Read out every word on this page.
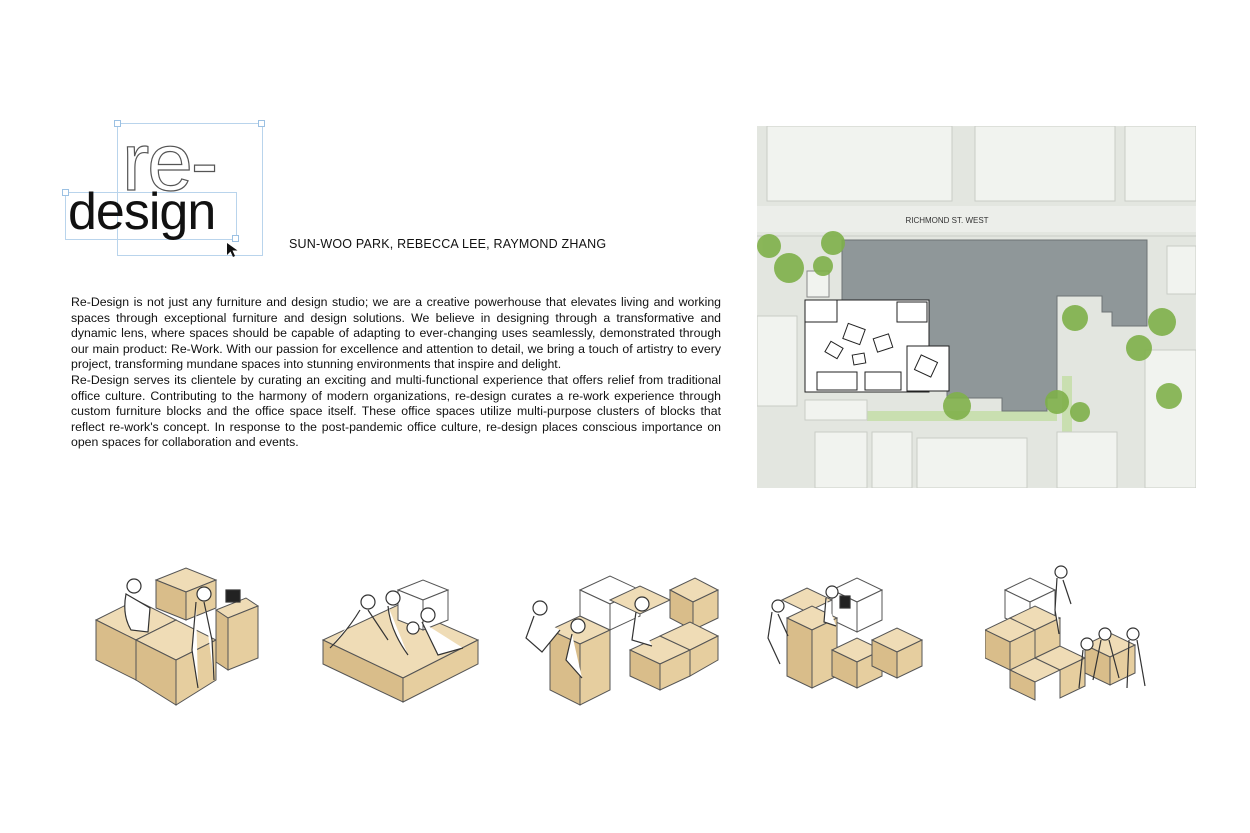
re-
design
SUN-WOO PARK, REBECCA LEE, RAYMOND ZHANG

Re-Design is not just any furniture and design studio; we are a creative powerhouse that elevates living and working spaces through exceptional furniture and design solutions. We believe in designing through a transformative and dynamic lens, where spaces should be capable of adapting to ever-changing uses seamlessly, demonstrated through our main product: Re-Work. With our passion for excellence and attention to detail, we bring a touch of artistry to every project, transforming mundane spaces into stunning environments that inspire and delight.

Re-Design serves its clientele by curating an exciting and multi-functional experience that offers relief from traditional office culture. Contributing to the harmony of modern organizations, re-design curates a re-work experience through custom furniture blocks and the office space itself. These office spaces utilize multi-purpose clusters of blocks that reflect re-work's concept. In response to the post-pandemic office culture, re-design places conscious importance on open spaces for collaboration and events.

RICHMOND ST. WEST
